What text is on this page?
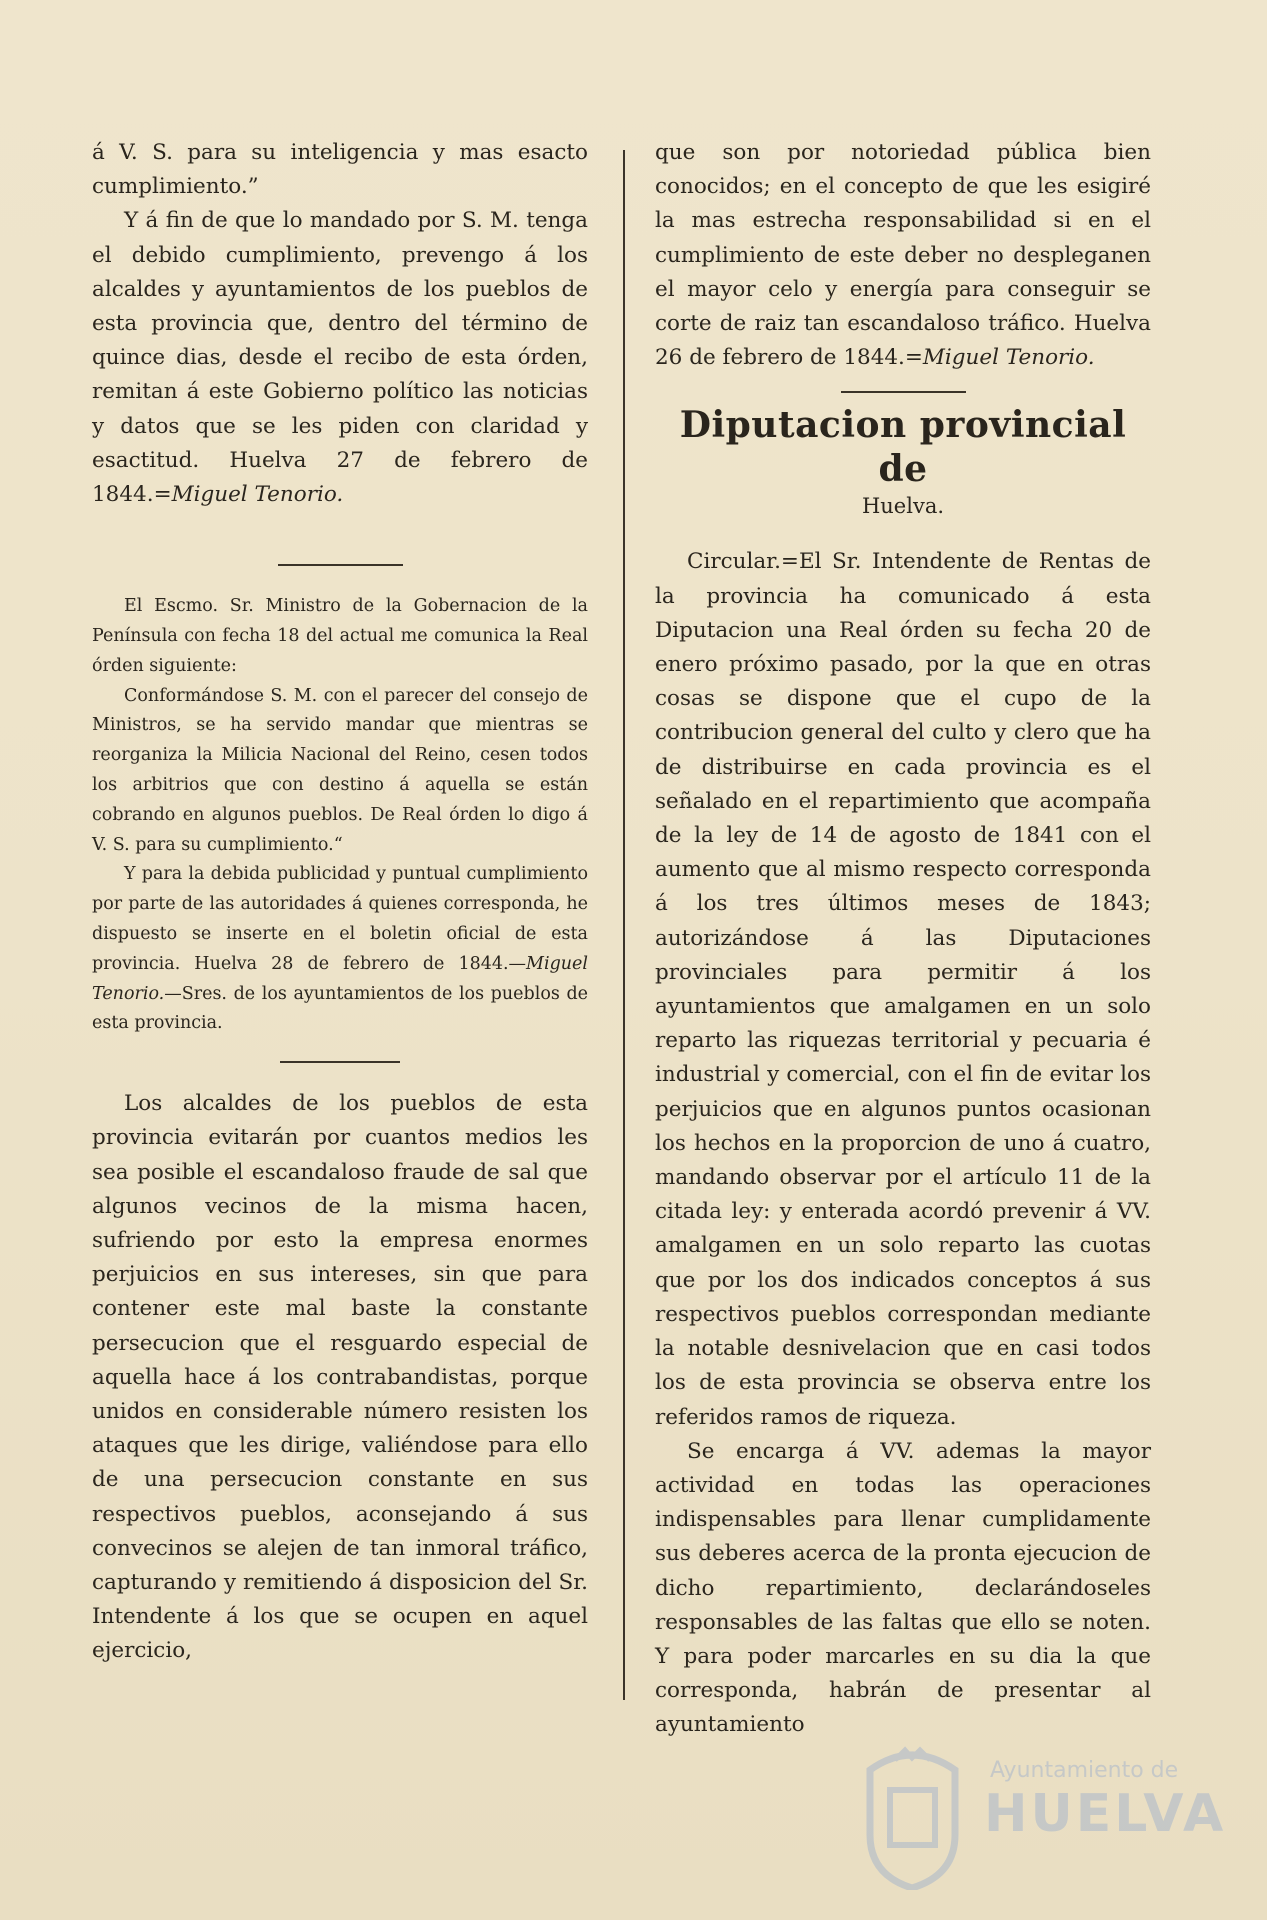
á V. S. para su inteligencia y mas esacto cumplimiento.”

Y á fin de que lo mandado por S. M. tenga el debido cumplimiento, prevengo á los alcaldes y ayuntamientos de los pueblos de esta provincia que, dentro del término de quince dias, desde el recibo de esta órden, remitan á este Gobierno político las noticias y datos que se les piden con claridad y esactitud. Huelva 27 de febrero de 1844.=Miguel Tenorio.

El Escmo. Sr. Ministro de la Gobernacion de la Península con fecha 18 del actual me comunica la Real órden siguiente:

Conformándose S. M. con el parecer del consejo de Ministros, se ha servido mandar que mientras se reorganiza la Milicia Nacional del Reino, cesen todos los arbitrios que con destino á aquella se están cobrando en algunos pueblos. De Real órden lo digo á V. S. para su cumplimiento.“

Y para la debida publicidad y puntual cumplimiento por parte de las autoridades á quienes corresponda, he dispuesto se inserte en el boletin oficial de esta provincia. Huelva 28 de febrero de 1844.—Miguel Tenorio.—Sres. de los ayuntamientos de los pueblos de esta provincia.

Los alcaldes de los pueblos de esta provincia evitarán por cuantos medios les sea posible el escandaloso fraude de sal que algunos vecinos de la misma hacen, sufriendo por esto la empresa enormes perjuicios en sus intereses, sin que para contener este mal baste la constante persecucion que el resguardo especial de aquella hace á los contrabandistas, porque unidos en considerable número resisten los ataques que les dirige, valiéndose para ello de una persecucion constante en sus respectivos pueblos, aconsejando á sus convecinos se alejen de tan inmoral tráfico, capturando y remitiendo á disposicion del Sr. Intendente á los que se ocupen en aquel ejercicio,

que son por notoriedad pública bien conocidos; en el concepto de que les esigiré la mas estrecha responsabilidad si en el cumplimiento de este deber no despleganen el mayor celo y energía para conseguir se corte de raiz tan escandaloso tráfico. Huelva 26 de febrero de 1844.=Miguel Tenorio.

Diputacion provincial de
Huelva.

Circular.=El Sr. Intendente de Rentas de la provincia ha comunicado á esta Diputacion una Real órden su fecha 20 de enero próximo pasado, por la que en otras cosas se dispone que el cupo de la contribucion general del culto y clero que ha de distribuirse en cada provincia es el señalado en el repartimiento que acompaña de la ley de 14 de agosto de 1841 con el aumento que al mismo respecto corresponda á los tres últimos meses de 1843; autorizándose á las Diputaciones provinciales para permitir á los ayuntamientos que amalgamen en un solo reparto las riquezas territorial y pecuaria é industrial y comercial, con el fin de evitar los perjuicios que en algunos puntos ocasionan los hechos en la proporcion de uno á cuatro, mandando observar por el artículo 11 de la citada ley: y enterada acordó prevenir á VV. amalgamen en un solo reparto las cuotas que por los dos indicados conceptos á sus respectivos pueblos correspondan mediante la notable desnivelacion que en casi todos los de esta provincia se observa entre los referidos ramos de riqueza.

Se encarga á VV. ademas la mayor actividad en todas las operaciones indispensables para llenar cumplidamente sus deberes acerca de la pronta ejecucion de dicho repartimiento, declarándoseles responsables de las faltas que ello se noten. Y para poder marcarles en su dia la que corresponda, habrán de presentar al ayuntamiento

Ayuntamiento de
HUELVA
